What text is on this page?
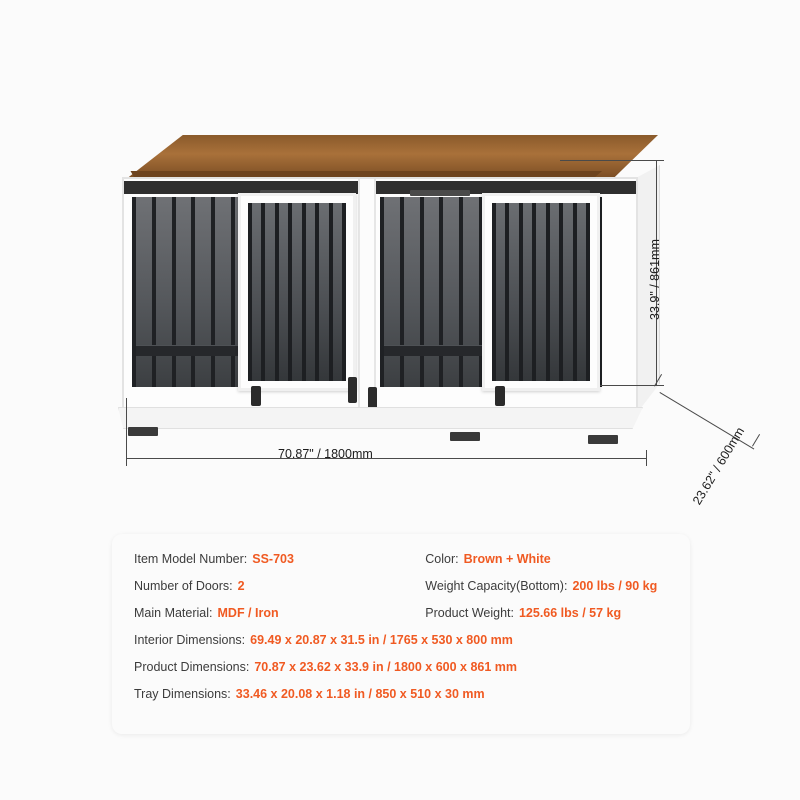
33.9" / 861mm
70.87" / 1800mm	23.62" / 600mm
Item Model Number: SS-703	Color: Brown + White
Number of Doors: 2	Weight Capacity(Bottom): 200 lbs / 90 kg
Main Material: MDF / Iron	Product Weight: 125.66 lbs / 57 kg
Interior Dimensions: 69.49 x 20.87 x 31.5 in / 1765 x 530 x 800 mm
Product Dimensions: 70.87 x 23.62 x 33.9 in / 1800 x 600 x 861 mm
Tray Dimensions: 33.46 x 20.08 x 1.18 in / 850 x 510 x 30 mm
